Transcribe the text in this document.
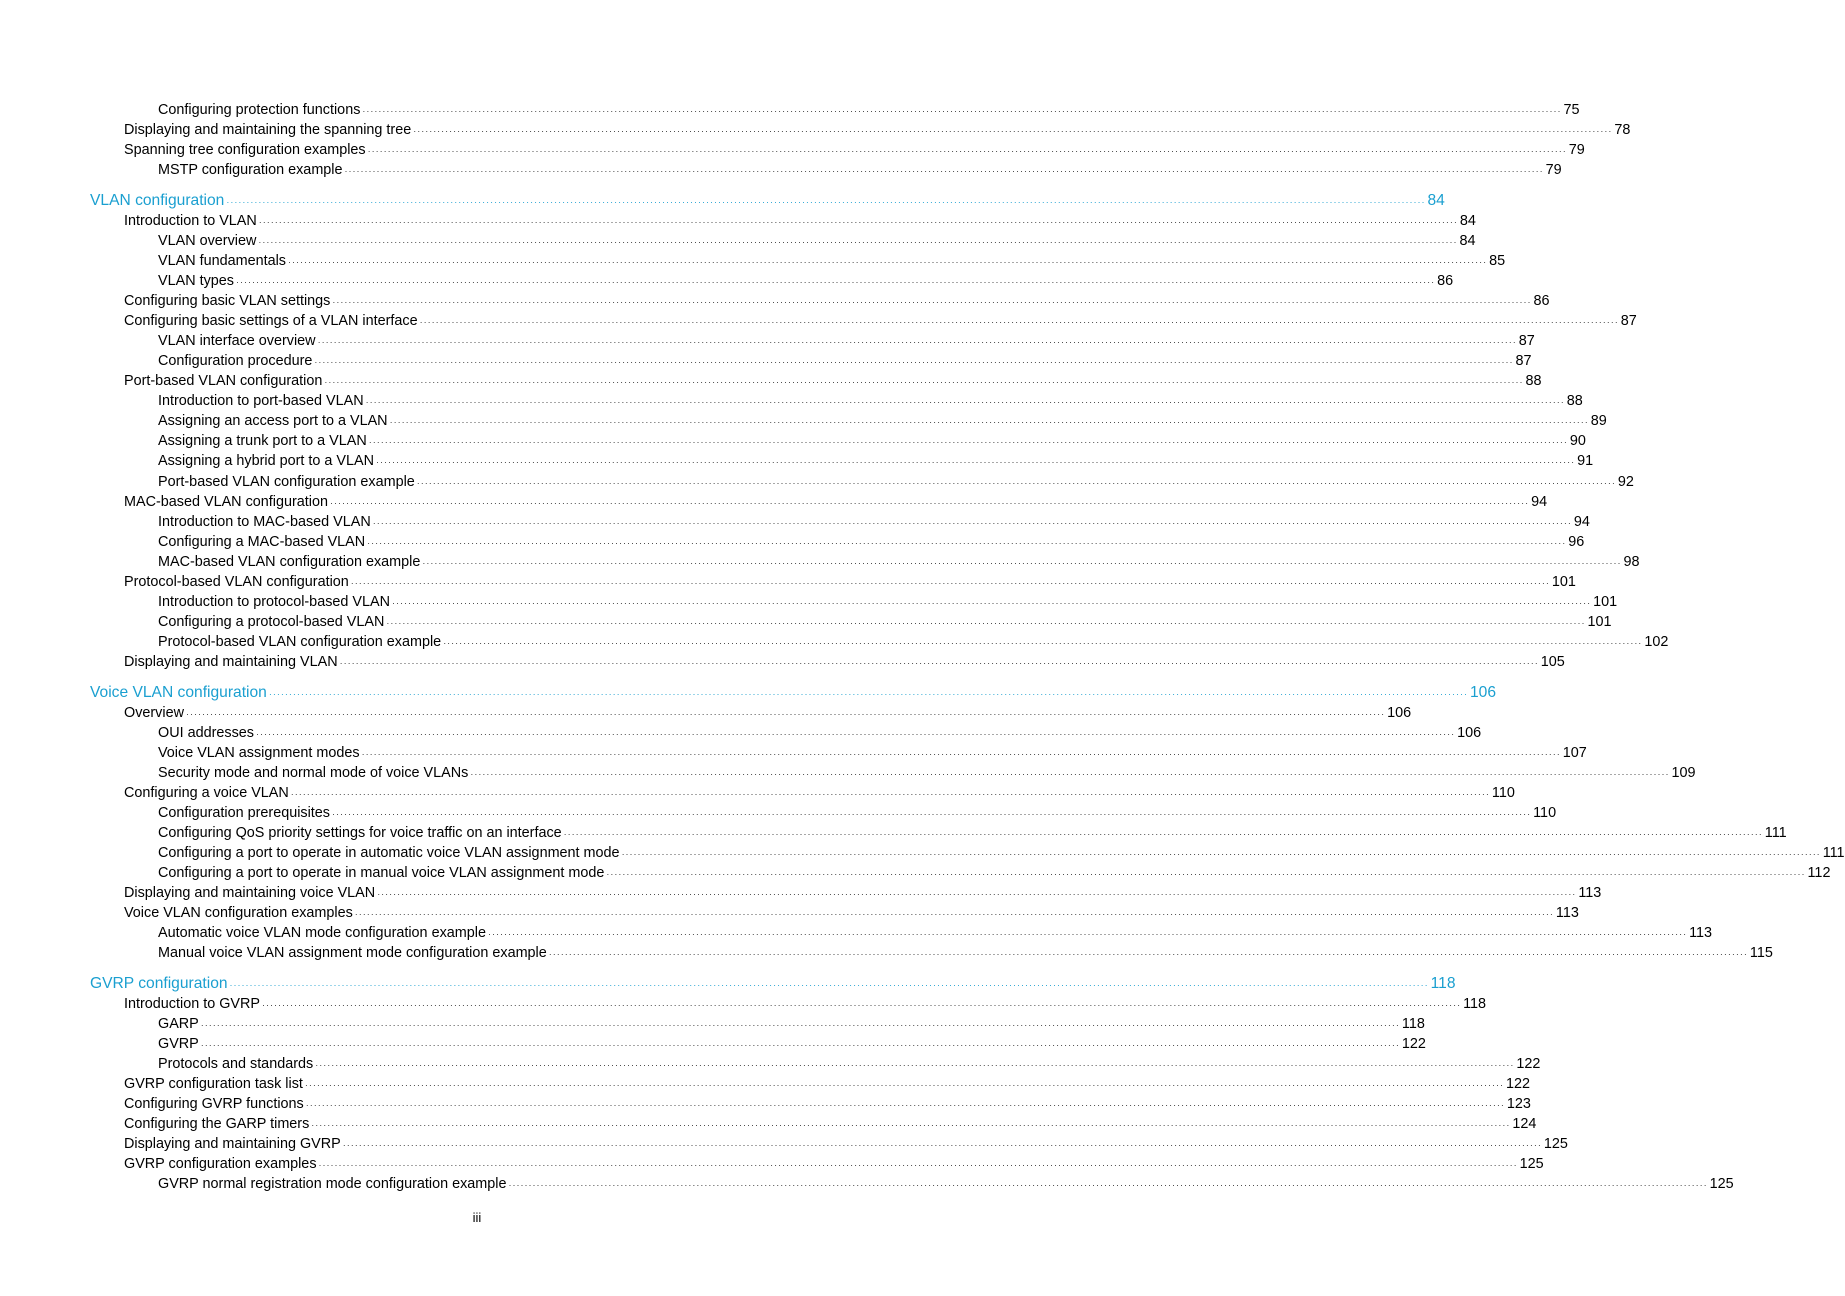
Configuring protection functions ············································································································································································································································································································ 75
Displaying and maintaining the spanning tree ············································································································································································································································································································ 78
Spanning tree configuration examples ············································································································································································································································································································ 79
MSTP configuration example ············································································································································································································································································································ 79
VLAN configuration ············································································································································································································································································································ 84
Introduction to VLAN ············································································································································································································································································································ 84
VLAN overview ············································································································································································································································································································ 84
VLAN fundamentals ············································································································································································································································································································ 85
VLAN types ············································································································································································································································································································ 86
Configuring basic VLAN settings ············································································································································································································································································································ 86
Configuring basic settings of a VLAN interface ············································································································································································································································································································ 87
VLAN interface overview ············································································································································································································································································································ 87
Configuration procedure ············································································································································································································································································································ 87
Port-based VLAN configuration ············································································································································································································································································································ 88
Introduction to port-based VLAN ············································································································································································································································································································ 88
Assigning an access port to a VLAN ············································································································································································································································································································ 89
Assigning a trunk port to a VLAN ············································································································································································································································································································ 90
Assigning a hybrid port to a VLAN ············································································································································································································································································································ 91
Port-based VLAN configuration example ············································································································································································································································································································ 92
MAC-based VLAN configuration ············································································································································································································································································································ 94
Introduction to MAC-based VLAN ············································································································································································································································································································ 94
Configuring a MAC-based VLAN ············································································································································································································································································································ 96
MAC-based VLAN configuration example ············································································································································································································································································································ 98
Protocol-based VLAN configuration ············································································································································································································································································································ 101
Introduction to protocol-based VLAN ············································································································································································································································································································ 101
Configuring a protocol-based VLAN ············································································································································································································································································································ 101
Protocol-based VLAN configuration example ············································································································································································································································································································ 102
Displaying and maintaining VLAN ············································································································································································································································································································ 105
Voice VLAN configuration ············································································································································································································································································································ 106
Overview ············································································································································································································································································································ 106
OUI addresses ············································································································································································································································································································ 106
Voice VLAN assignment modes ············································································································································································································································································································ 107
Security mode and normal mode of voice VLANs ············································································································································································································································································································ 109
Configuring a voice VLAN ············································································································································································································································································································ 110
Configuration prerequisites ············································································································································································································································································································ 110
Configuring QoS priority settings for voice traffic on an interface ············································································································································································································································································································ 111
Configuring a port to operate in automatic voice VLAN assignment mode ············································································································································································································································································································ 111
Configuring a port to operate in manual voice VLAN assignment mode ············································································································································································································································································································ 112
Displaying and maintaining voice VLAN ············································································································································································································································································································ 113
Voice VLAN configuration examples ············································································································································································································································································································ 113
Automatic voice VLAN mode configuration example ············································································································································································································································································································ 113
Manual voice VLAN assignment mode configuration example ············································································································································································································································································································ 115
GVRP configuration ············································································································································································································································································································ 118
Introduction to GVRP ············································································································································································································································································································ 118
GARP ············································································································································································································································································································ 118
GVRP ············································································································································································································································································································ 122
Protocols and standards ············································································································································································································································································································ 122
GVRP configuration task list ············································································································································································································································································································ 122
Configuring GVRP functions ············································································································································································································································································································ 123
Configuring the GARP timers ············································································································································································································································································································ 124
Displaying and maintaining GVRP ············································································································································································································································································································ 125
GVRP configuration examples ············································································································································································································································································································ 125
GVRP normal registration mode configuration example ············································································································································································································································································································ 125
iii
